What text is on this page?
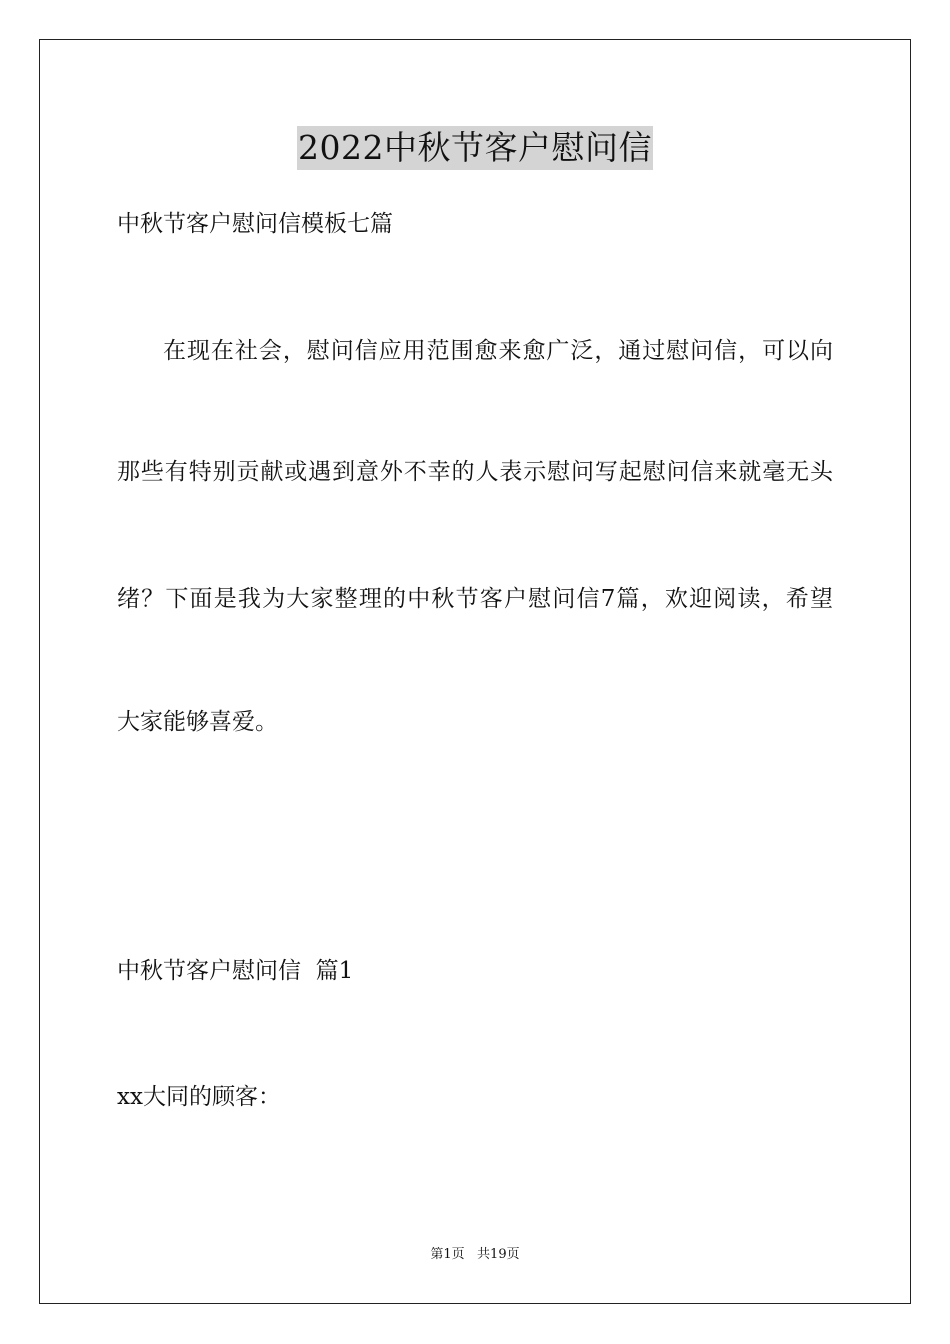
2022中秋节客户慰问信
中秋节客户慰问信模板七篇
在现在社会，慰问信应用范围愈来愈广泛，通过慰问信，可以向
那些有特别贡献或遇到意外不幸的人表示慰问写起慰问信来就毫无头
绪？下面是我为大家整理的中秋节客户慰问信7篇，欢迎阅读，希望
大家能够喜爱。
中秋节客户慰问信  篇1
xx大同的顾客：
第1页   共19页
